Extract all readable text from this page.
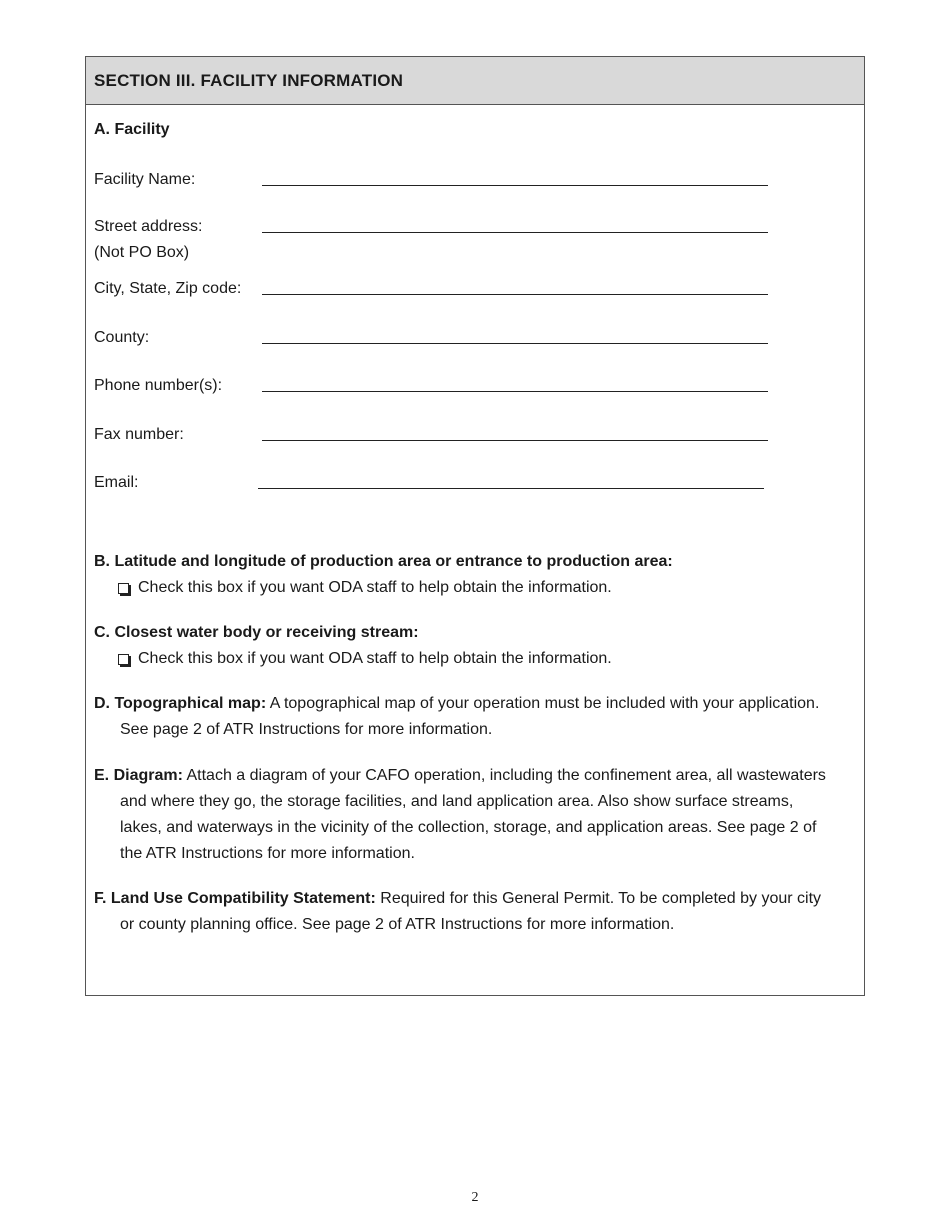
SECTION III. FACILITY INFORMATION
A. Facility
Facility Name:
Street address:
(Not PO Box)
City, State, Zip code:
County:
Phone number(s):
Fax number:
Email:
B. Latitude and longitude of production area or entrance to production area:
Check this box if you want ODA staff to help obtain the information.
C. Closest water body or receiving stream:
Check this box if you want ODA staff to help obtain the information.
D. Topographical map: A topographical map of your operation must be included with your application. See page 2 of ATR Instructions for more information.
E. Diagram: Attach a diagram of your CAFO operation, including the confinement area, all wastewaters and where they go, the storage facilities, and land application area. Also show surface streams, lakes, and waterways in the vicinity of the collection, storage, and application areas. See page 2 of the ATR Instructions for more information.
F. Land Use Compatibility Statement: Required for this General Permit. To be completed by your city or county planning office. See page 2 of ATR Instructions for more information.
2
